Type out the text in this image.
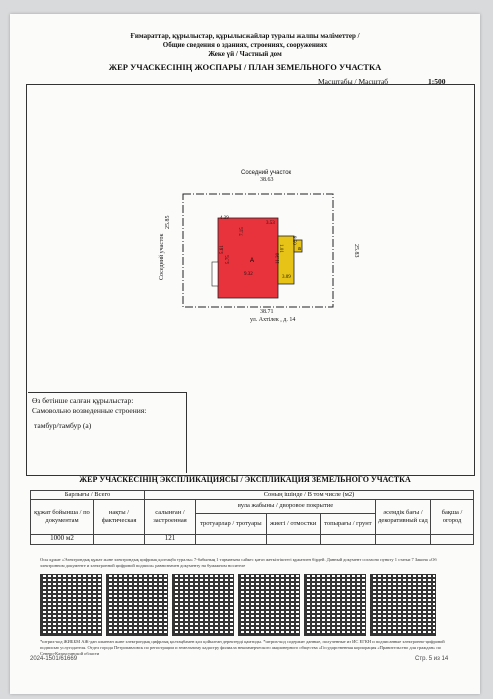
Ғимараттар, құрылыстар, құрылысжайлар туралы жалпы мәліметтер /
Общие сведения о зданиях, строениях, сооружениях
Жеке үй / Частный дом
ЖЕР УЧАСКЕСІНІҢ ЖОСПАРЫ / ПЛАН ЗЕМЕЛЬНОГО УЧАСТКА
Масштабы / Масштаб	1:500
А
а
Соседний участок
38.63
38.71
ул. Ахтілек , д. 14
25.85
Соседний участок	25.83
4.39
3.53
9.32
5.61
5.75
3.09
1.01
8.50
7.15
11.30
Өз бетінше салған құрылыстар:
Самовольно возведенные строения:
тамбур/тамбур (а)
ЖЕР УЧАСКЕСІНІҢ ЭКСПЛИКАЦИЯСЫ / ЭКСПЛИКАЦИЯ ЗЕМЕЛЬНОГО УЧАСТКА
Барлығы / Всего		Соның ішінде / В том числе (м2)					
құжат бойынша / по документам	нақты / фактическая	салынған / застроенная	вула жабыны / дворовое покрытие			әсемдік бағы / декоративный сад	бақша / огород
			тротуарлар / тротуары	жиегі / отмостки	топырағы / грунт		
1000 м2		121					
Осы құжат «Электрондық құжат және электрондық цифрлық қолтаңба туралы» 7-бабының 1 тармағына сәйкес қағаз жеткізгіштегі құжатпен бірдей. Данный документ согласно пункту 1 статьи 7 Закона «Об электронном документе и электронной цифровой подписи» равнозначен документу на бумажном носителе
*штрих-код ЖИББМ АЖ-дан алынған және электрондық цифрлық қолтаңбамен қол қойылған деректерді қамтиды. *штрих-код содержит данные, полученные из ИС ЕГКН и подписанные электронно-цифровой подписью услугодателя. Отдел города Петропавловск по регистрации и земельному кадастру филиала некоммерческого акционерного общества «Государственная корпорация «Правительство для граждан» по Северо-Казахстанской области
2024-1501/61669	Стр. 5 из 14
